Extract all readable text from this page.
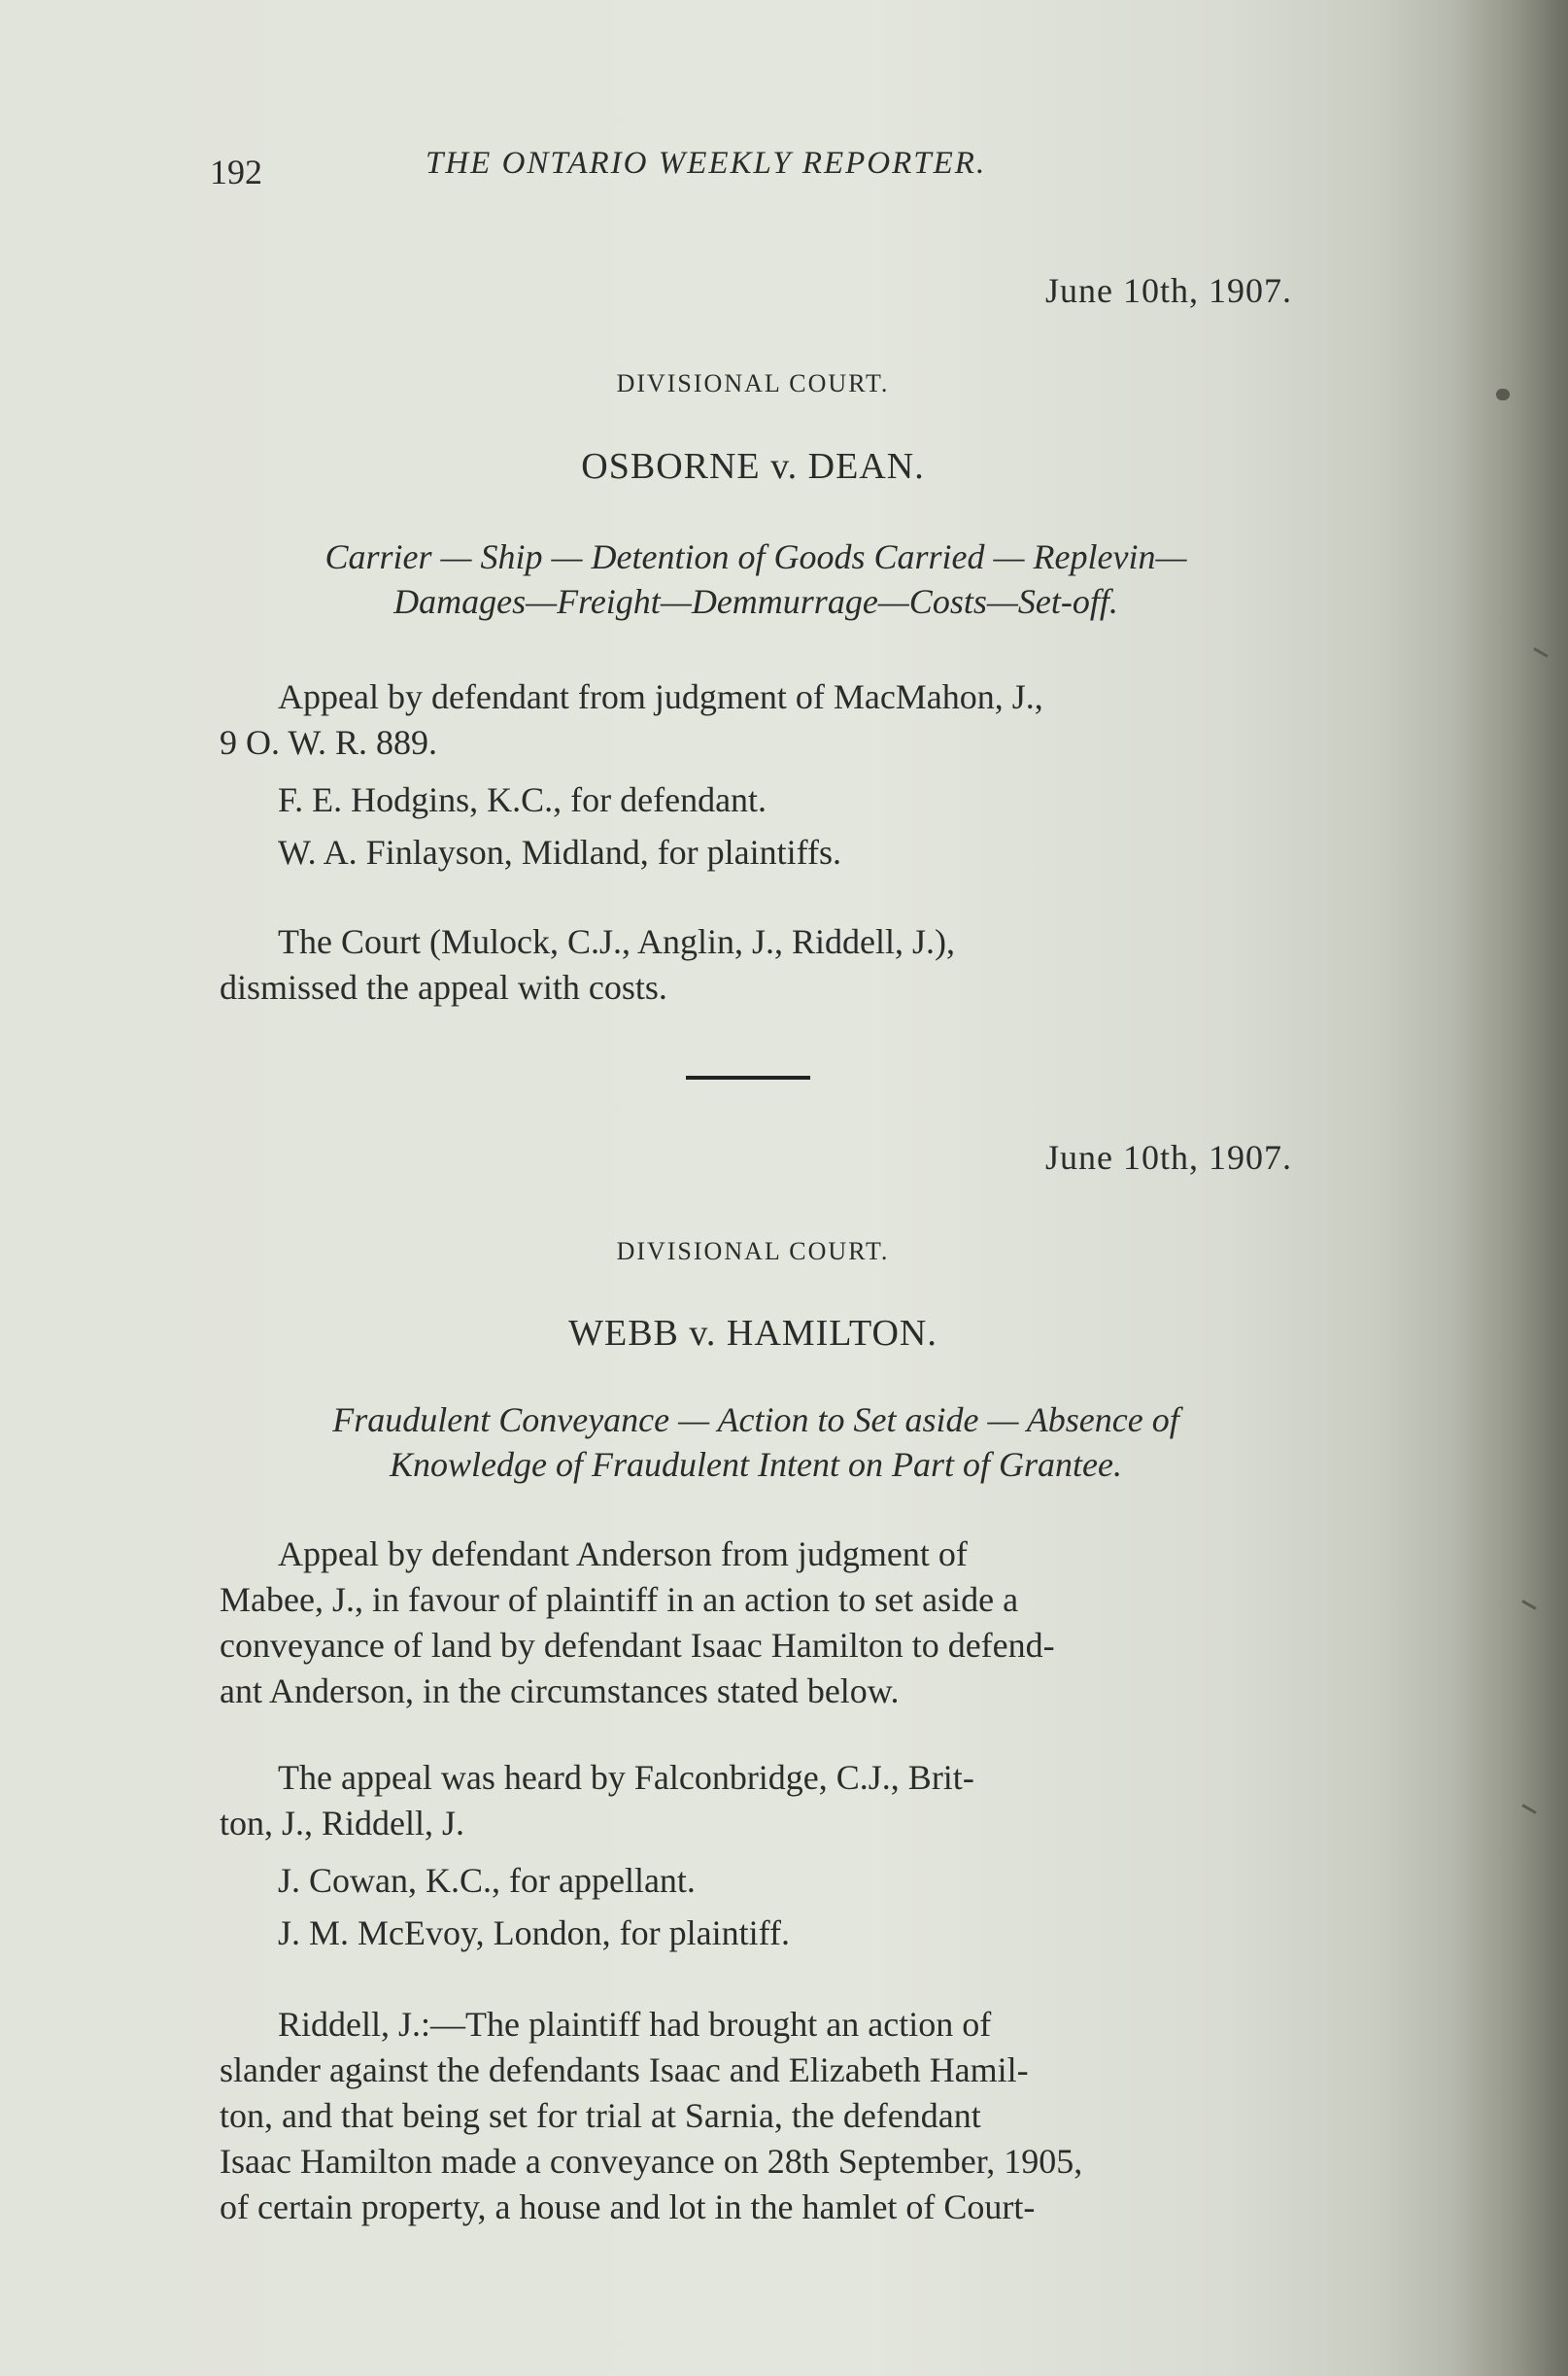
192	THE ONTARIO WEEKLY REPORTER.
June 10th, 1907.
DIVISIONAL COURT.
OSBORNE v. DEAN.
Carrier — Ship — Detention of Goods Carried — Replevin—
Damages—Freight—Demmurrage—Costs—Set-off.
Appeal by defendant from judgment of MacMahon, J.,
9 O. W. R. 889.
F. E. Hodgins, K.C., for defendant.
W. A. Finlayson, Midland, for plaintiffs.
The Court (Mulock, C.J., Anglin, J., Riddell, J.),
dismissed the appeal with costs.
June 10th, 1907.
DIVISIONAL COURT.
WEBB v. HAMILTON.
Fraudulent Conveyance — Action to Set aside — Absence of
Knowledge of Fraudulent Intent on Part of Grantee.
Appeal by defendant Anderson from judgment of
Mabee, J., in favour of plaintiff in an action to set aside a
conveyance of land by defendant Isaac Hamilton to defend-
ant Anderson, in the circumstances stated below.
The appeal was heard by Falconbridge, C.J., Brit-
ton, J., Riddell, J.
J. Cowan, K.C., for appellant.
J. M. McEvoy, London, for plaintiff.
Riddell, J.:—The plaintiff had brought an action of
slander against the defendants Isaac and Elizabeth Hamil-
ton, and that being set for trial at Sarnia, the defendant
Isaac Hamilton made a conveyance on 28th September, 1905,
of certain property, a house and lot in the hamlet of Court-
